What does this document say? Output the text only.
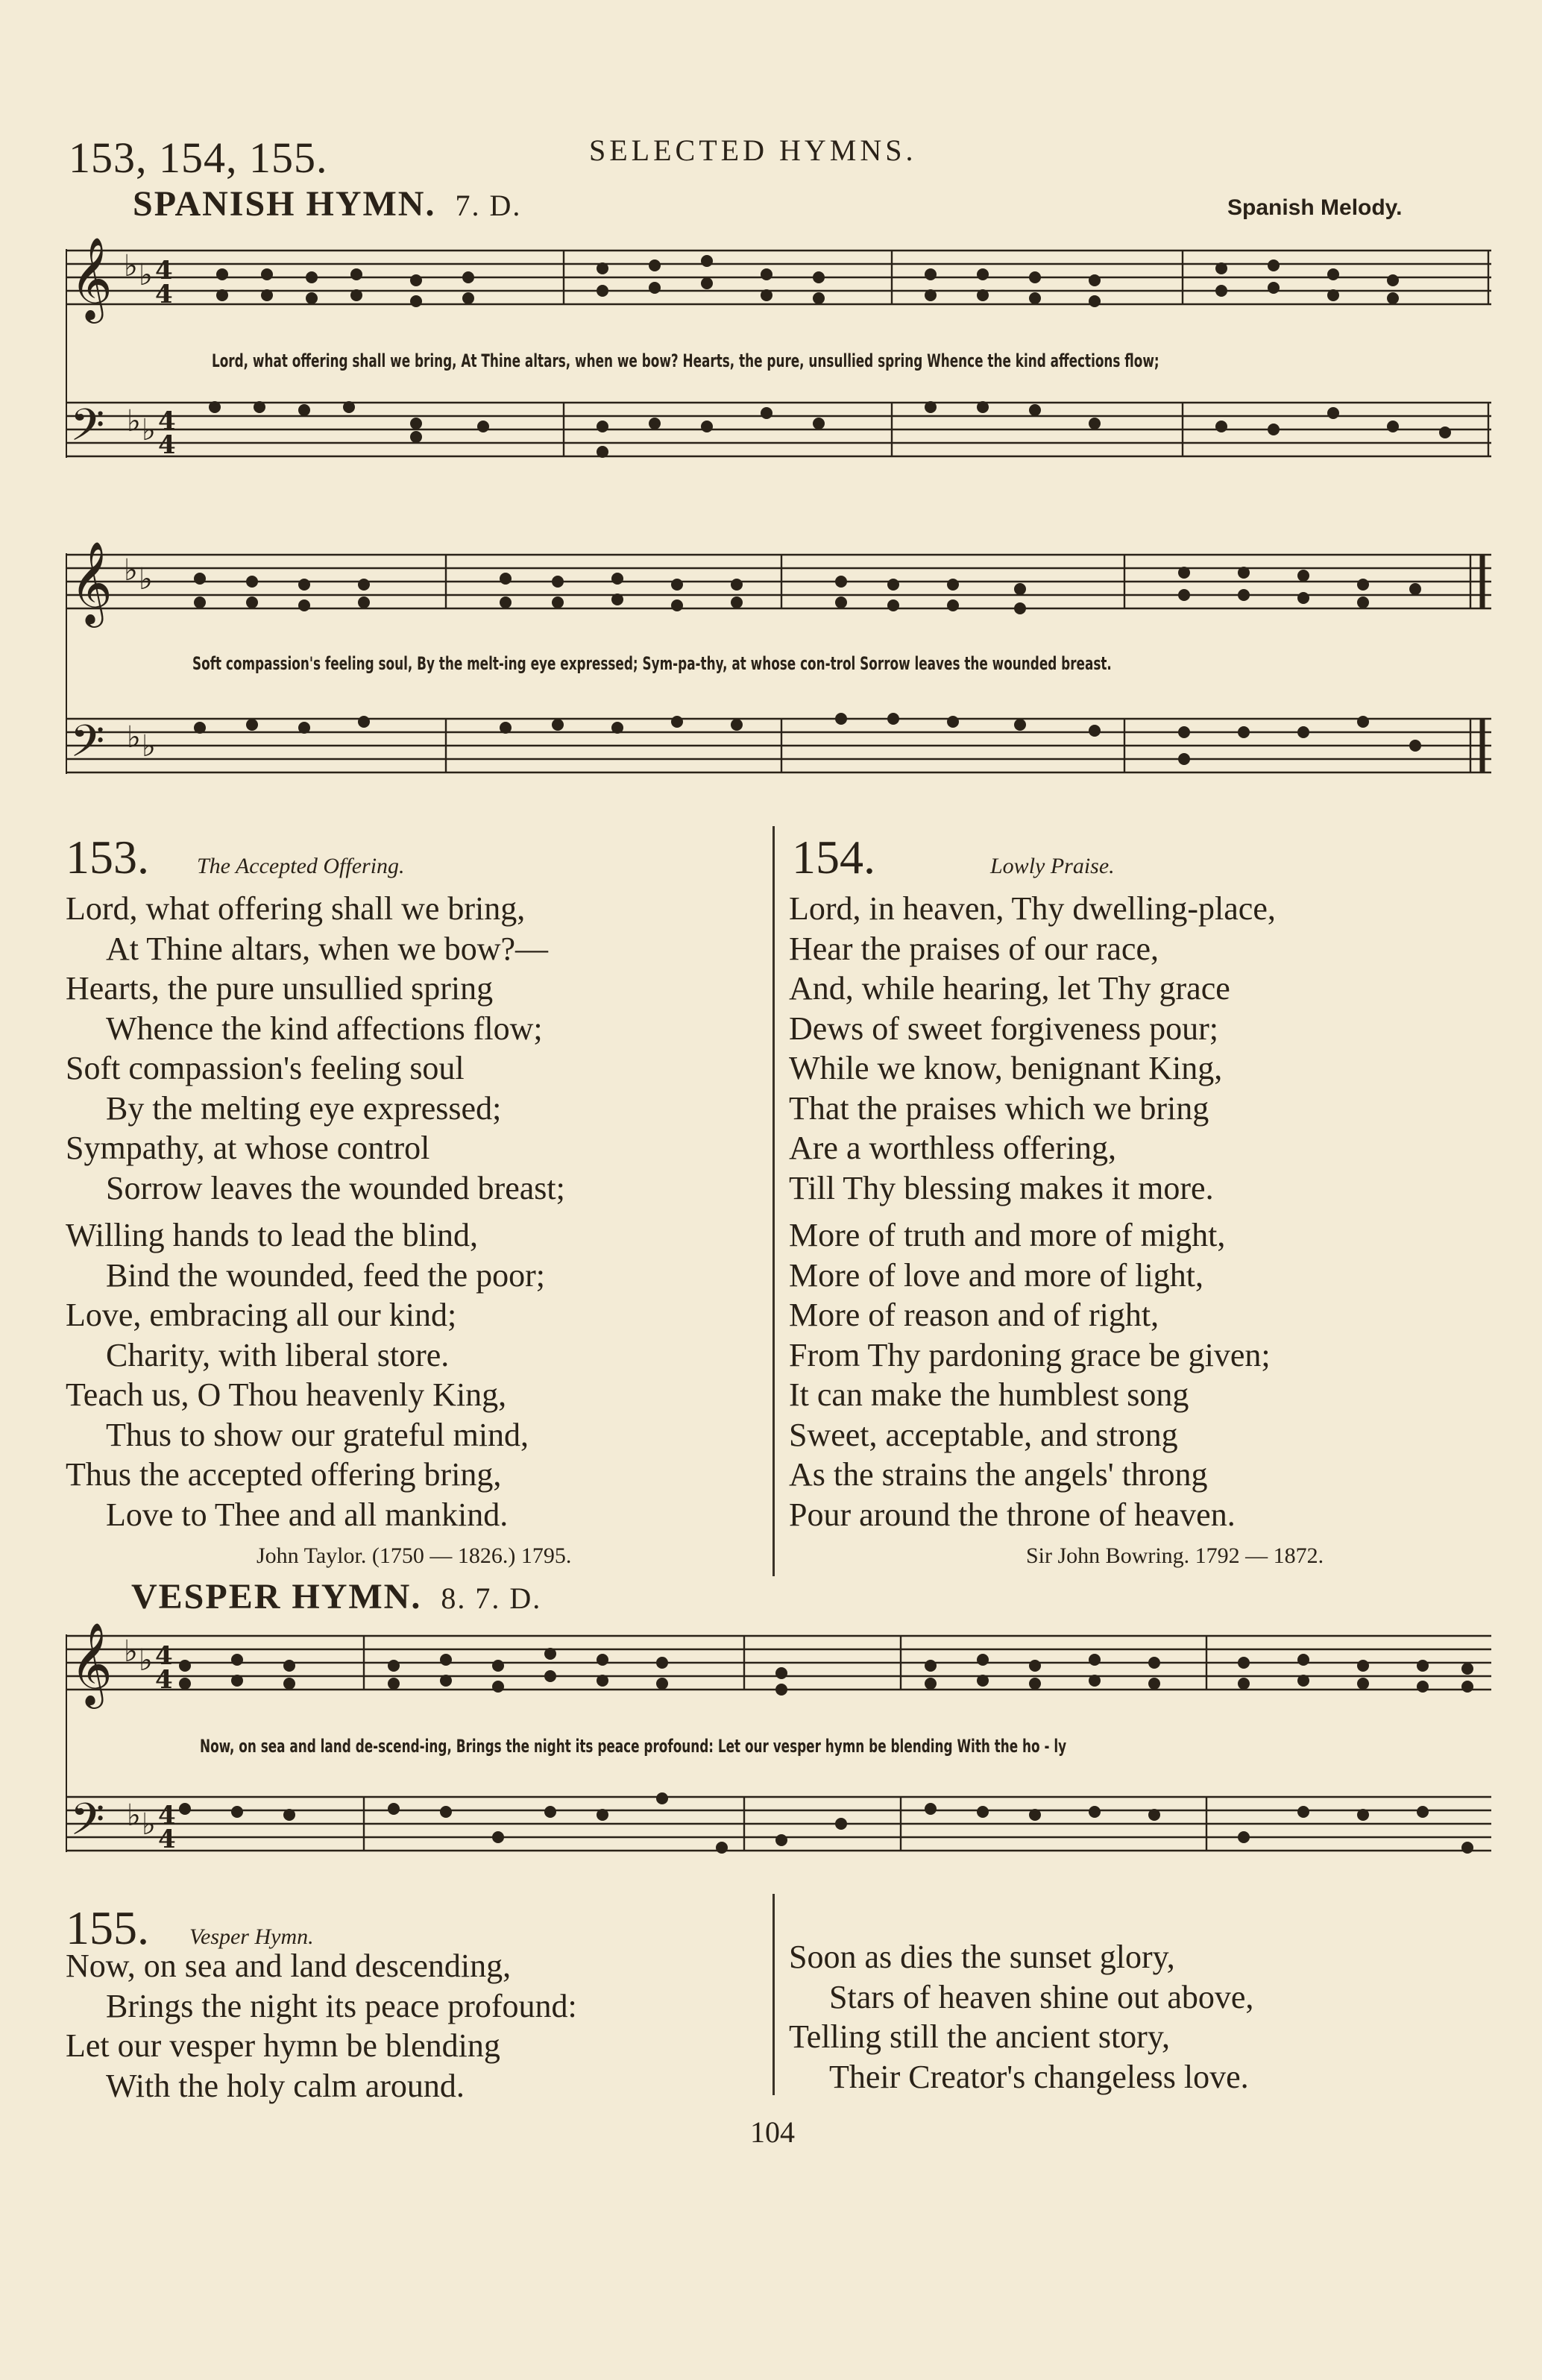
153, 154, 155.	SELECTED HYMNS.
SPANISH HYMN. 7. D.	Spanish Melody.
𝄞
𝄢
♭ ♭ 4
4
♭ ♭ 4
4
Lord, what offering shall we bring, At Thine altars, when we bow? Hearts, the pure, unsullied spring Whence the kind affections flow;
𝄞
𝄢
♭ ♭
♭ ♭
Soft compassion's feeling soul, By the melt-ing eye expressed; Sym-pa-thy, at whose con-trol Sorrow leaves the wounded breast.
153. The Accepted Offering.
Lord, what offering shall we bring,
At Thine altars, when we bow?—
Hearts, the pure unsullied spring
Whence the kind affections flow;
Soft compassion's feeling soul
By the melting eye expressed;
Sympathy, at whose control
Sorrow leaves the wounded breast;
Willing hands to lead the blind,
Bind the wounded, feed the poor;
Love, embracing all our kind;
Charity, with liberal store.
Teach us, O Thou heavenly King,
Thus to show our grateful mind,
Thus the accepted offering bring,
Love to Thee and all mankind.
John Taylor. (1750 — 1826.) 1795.
154.	Lowly Praise.
Lord, in heaven, Thy dwelling-place,
Hear the praises of our race,
And, while hearing, let Thy grace
Dews of sweet forgiveness pour;
While we know, benignant King,
That the praises which we bring
Are a worthless offering,
Till Thy blessing makes it more.
More of truth and more of might,
More of love and more of light,
More of reason and of right,
From Thy pardoning grace be given;
It can make the humblest song
Sweet, acceptable, and strong
As the strains the angels' throng
Pour around the throne of heaven.
Sir John Bowring. 1792 — 1872.
VESPER HYMN. 8. 7. D.
𝄞
𝄢
♭ ♭ 4
4
♭ ♭ 4
4
Now, on sea and land de-scend-ing, Brings the night its peace profound: Let our vesper hymn be blending With the ho - ly
155. Vesper Hymn.
Now, on sea and land descending,
Brings the night its peace profound:
Let our vesper hymn be blending
With the holy calm around.
Soon as dies the sunset glory,
Stars of heaven shine out above,
Telling still the ancient story,
Their Creator's changeless love.
104
